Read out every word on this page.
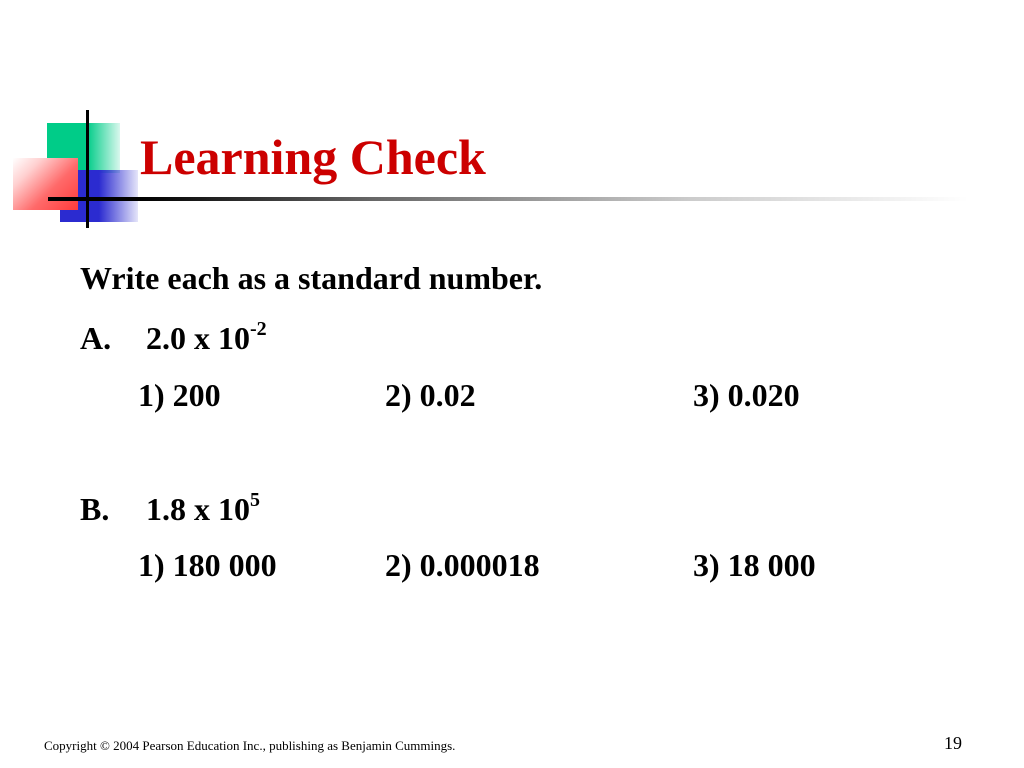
Learning Check
Write each as a standard number.
A. 2.0 x $10^{-2}$
1) 200	2) 0.02	3) 0.020
B. 1.8 x $10^5$
1) 180 000	2) 0.000018	3) 18 000
Copyright © 2004 Pearson Education Inc., publishing as Benjamin Cummings.	19
